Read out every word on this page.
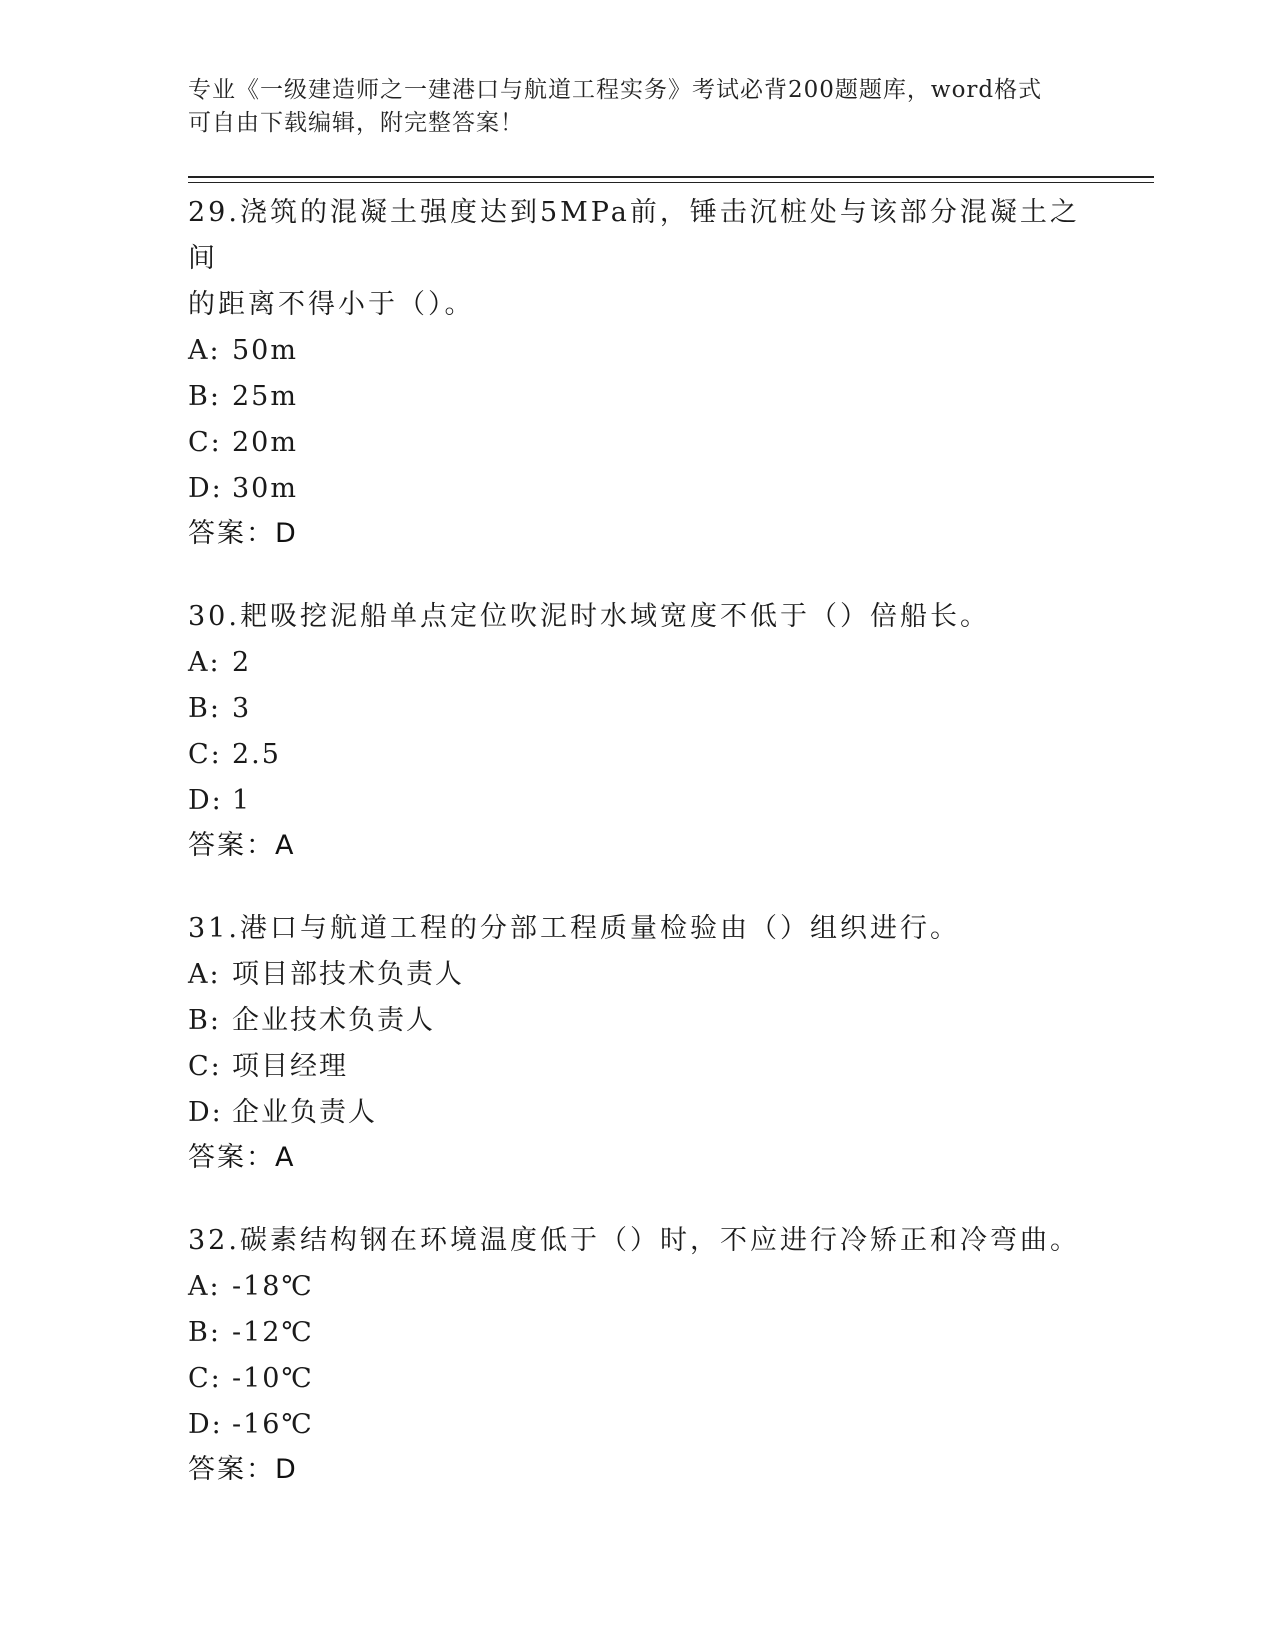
专业《一级建造师之一建港口与航道工程实务》考试必背200题题库，word格式
可自由下载编辑，附完整答案！

29.浇筑的混凝土强度达到5MPa前，锤击沉桩处与该部分混凝土之间

的距离不得小于（）。

A: 50m

B: 25m

C: 20m

D: 30m

答案：D

30.耙吸挖泥船单点定位吹泥时水域宽度不低于（）倍船长。

A: 2

B: 3

C: 2.5

D: 1

答案：A

31.港口与航道工程的分部工程质量检验由（）组织进行。

A: 项目部技术负责人

B: 企业技术负责人

C: 项目经理

D: 企业负责人

答案：A

32.碳素结构钢在环境温度低于（）时，不应进行冷矫正和冷弯曲。

A: -18℃

B: -12℃

C: -10℃

D: -16℃

答案：D
